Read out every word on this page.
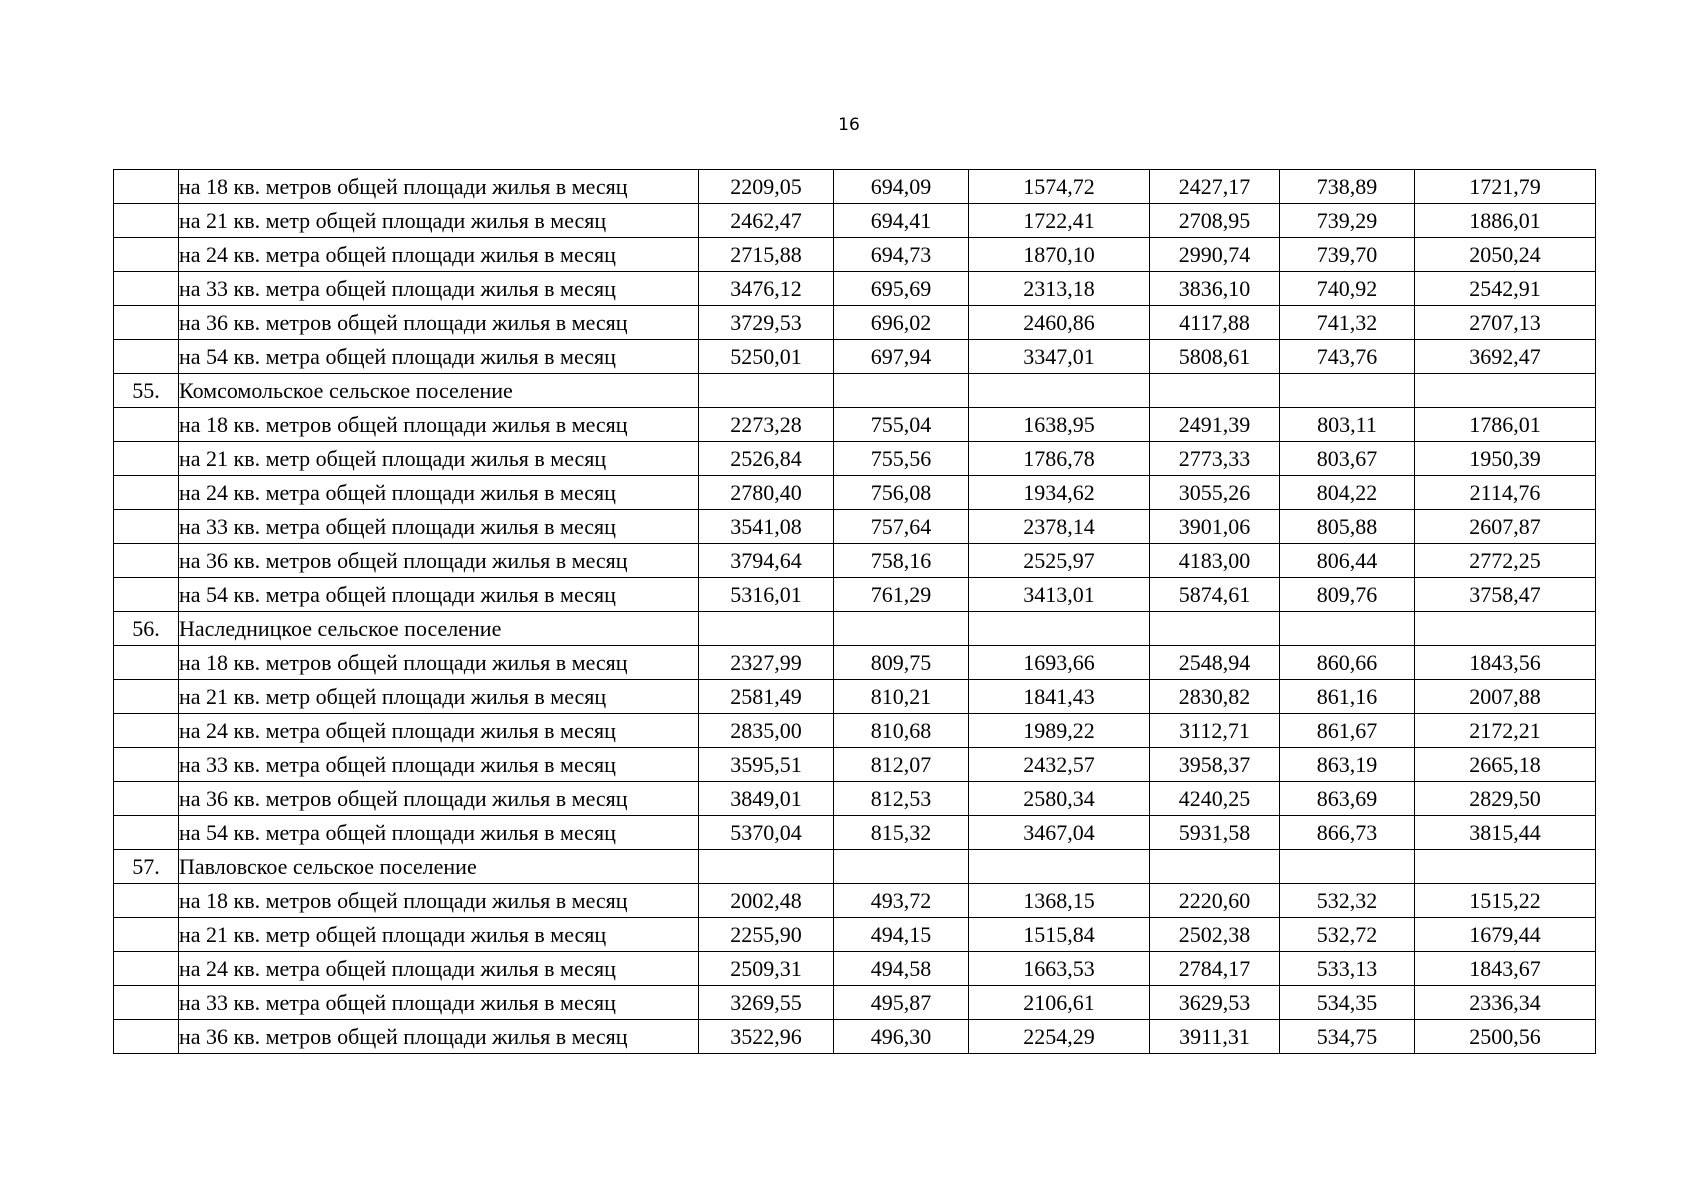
16
	на 18 кв. метров общей площади жилья в месяц	2209,05	694,09	1574,72	2427,17	738,89	1721,79
	на 21 кв. метр общей площади жилья в месяц	2462,47	694,41	1722,41	2708,95	739,29	1886,01
	на 24 кв. метра общей площади жилья в месяц	2715,88	694,73	1870,10	2990,74	739,70	2050,24
	на 33 кв. метра общей площади жилья в месяц	3476,12	695,69	2313,18	3836,10	740,92	2542,91
	на 36 кв. метров общей площади жилья в месяц	3729,53	696,02	2460,86	4117,88	741,32	2707,13
	на 54 кв. метра общей площади жилья в месяц	5250,01	697,94	3347,01	5808,61	743,76	3692,47
55.	Комсомольское сельское поселение						
	на 18 кв. метров общей площади жилья в месяц	2273,28	755,04	1638,95	2491,39	803,11	1786,01
	на 21 кв. метр общей площади жилья в месяц	2526,84	755,56	1786,78	2773,33	803,67	1950,39
	на 24 кв. метра общей площади жилья в месяц	2780,40	756,08	1934,62	3055,26	804,22	2114,76
	на 33 кв. метра общей площади жилья в месяц	3541,08	757,64	2378,14	3901,06	805,88	2607,87
	на 36 кв. метров общей площади жилья в месяц	3794,64	758,16	2525,97	4183,00	806,44	2772,25
	на 54 кв. метра общей площади жилья в месяц	5316,01	761,29	3413,01	5874,61	809,76	3758,47
56.	Наследницкое сельское поселение						
	на 18 кв. метров общей площади жилья в месяц	2327,99	809,75	1693,66	2548,94	860,66	1843,56
	на 21 кв. метр общей площади жилья в месяц	2581,49	810,21	1841,43	2830,82	861,16	2007,88
	на 24 кв. метра общей площади жилья в месяц	2835,00	810,68	1989,22	3112,71	861,67	2172,21
	на 33 кв. метра общей площади жилья в месяц	3595,51	812,07	2432,57	3958,37	863,19	2665,18
	на 36 кв. метров общей площади жилья в месяц	3849,01	812,53	2580,34	4240,25	863,69	2829,50
	на 54 кв. метра общей площади жилья в месяц	5370,04	815,32	3467,04	5931,58	866,73	3815,44
57.	Павловское сельское поселение						
	на 18 кв. метров общей площади жилья в месяц	2002,48	493,72	1368,15	2220,60	532,32	1515,22
	на 21 кв. метр общей площади жилья в месяц	2255,90	494,15	1515,84	2502,38	532,72	1679,44
	на 24 кв. метра общей площади жилья в месяц	2509,31	494,58	1663,53	2784,17	533,13	1843,67
	на 33 кв. метра общей площади жилья в месяц	3269,55	495,87	2106,61	3629,53	534,35	2336,34
	на 36 кв. метров общей площади жилья в месяц	3522,96	496,30	2254,29	3911,31	534,75	2500,56
